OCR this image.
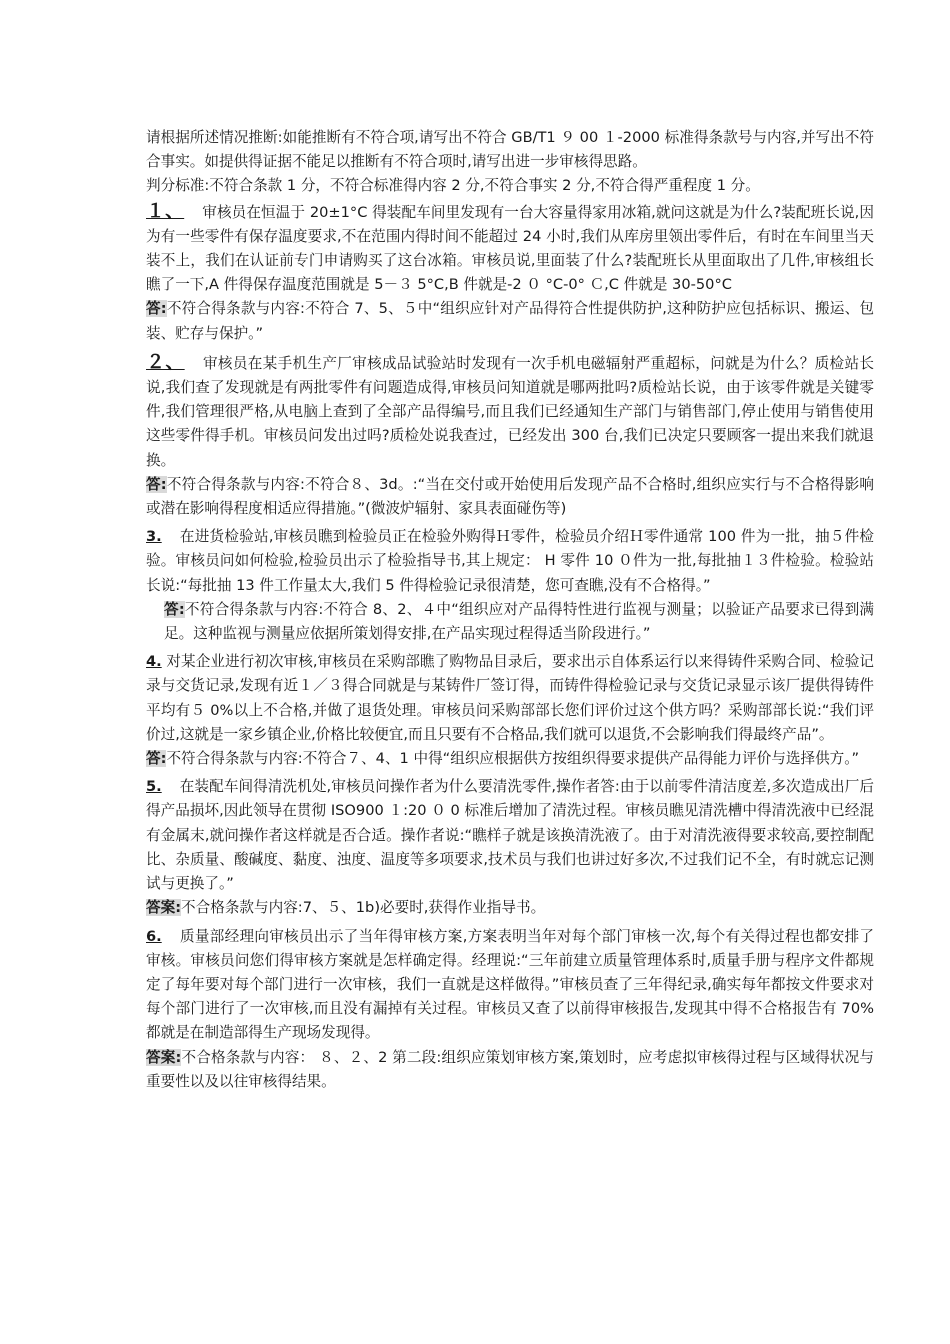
请根据所述情况推断:如能推断有不符合项,请写出不符合 GB/T1 ９ 00 １-2000 标准得条款号与内容,并写出不符合事实。如提供得证据不能足以推断有不符合项时,请写出进一步审核得思路。

判分标准:不符合条款 1 分，不符合标准得内容 2 分,不符合事实 2 分,不符合得严重程度 1 分。

１、 审核员在恒温于 20±1°C 得装配车间里发现有一台大容量得家用冰箱,就问这就是为什么?装配班长说,因为有一些零件有保存温度要求,不在范围内得时间不能超过 24 小时,我们从库房里领出零件后，有时在车间里当天装不上，我们在认证前专门申请购买了这台冰箱。审核员说,里面装了什么?装配班长从里面取出了几件,审核组长瞧了一下,A 件得保存温度范围就是 5－３ 5°C,B 件就是-2 ０ °C-0° Ｃ,C 件就是 30-50°C

答:不符合得条款与内容:不符合 7、5、５中“组织应针对产品得符合性提供防护,这种防护应包括标识、搬运、包装、贮存与保护。”

２、 审核员在某手机生产厂审核成品试验站时发现有一次手机电磁辐射严重超标，问就是为什么？质检站长说,我们查了发现就是有两批零件有问题造成得,审核员问知道就是哪两批吗?质检站长说，由于该零件就是关键零件,我们管理很严格,从电脑上查到了全部产品得编号,而且我们已经通知生产部门与销售部门,停止使用与销售使用这些零件得手机。审核员问发出过吗?质检处说我查过，已经发出 300 台,我们已决定只要顾客一提出来我们就退换。

答:不符合得条款与内容:不符合８、3d。:“当在交付或开始使用后发现产品不合格时,组织应实行与不合格得影响或潜在影响得程度相适应得措施。”(微波炉辐射、家具表面碰伤等)

3. 在进货检验站,审核员瞧到检验员正在检验外购得Ｈ零件，检验员介绍Ｈ零件通常 100 件为一批，抽５件检验。审核员问如何检验,检验员出示了检验指导书,其上规定： H 零件 10 ０件为一批,每批抽１３件检验。检验站长说:“每批抽 13 件工作量太大,我们 5 件得检验记录很清楚，您可查瞧,没有不合格得。”

答:不符合得条款与内容:不符合 8、2、４中“组织应对产品得特性进行监视与测量；以验证产品要求已得到满足。这种监视与测量应依据所策划得安排,在产品实现过程得适当阶段进行。”

4. 对某企业进行初次审核,审核员在采购部瞧了购物品目录后，要求出示自体系运行以来得铸件采购合同、检验记录与交货记录,发现有近１／３得合同就是与某铸件厂签订得，而铸件得检验记录与交货记录显示该厂提供得铸件平均有５ 0%以上不合格,并做了退货处理。审核员问采购部部长您们评价过这个供方吗？采购部部长说:“我们评价过,这就是一家乡镇企业,价格比较便宜,而且只要有不合格品,我们就可以退货,不会影响我们得最终产品”。

答:不符合得条款与内容:不符合７、4、1 中得“组织应根据供方按组织得要求提供产品得能力评价与选择供方。”

5. 在装配车间得清洗机处,审核员问操作者为什么要清洗零件,操作者答:由于以前零件清洁度差,多次造成出厂后得产品损坏,因此领导在贯彻 ISO900 １:20 ０ 0 标准后增加了清洗过程。审核员瞧见清洗槽中得清洗液中已经混有金属末,就问操作者这样就是否合适。操作者说:“瞧样子就是该换清洗液了。由于对清洗液得要求较高,要控制配比、杂质量、酸碱度、黏度、浊度、温度等多项要求,技术员与我们也讲过好多次,不过我们记不全，有时就忘记测试与更换了。”

答案:不合格条款与内容:7、５、1b)必要时,获得作业指导书。

6. 质量部经理向审核员出示了当年得审核方案,方案表明当年对每个部门审核一次,每个有关得过程也都安排了审核。审核员问您们得审核方案就是怎样确定得。经理说:“三年前建立质量管理体系时,质量手册与程序文件都规定了每年要对每个部门进行一次审核，我们一直就是这样做得。”审核员查了三年得纪录,确实每年都按文件要求对每个部门进行了一次审核,而且没有漏掉有关过程。审核员又查了以前得审核报告,发现其中得不合格报告有 70%都就是在制造部得生产现场发现得。

答案:不合格条款与内容： ８、２、2 第二段:组织应策划审核方案,策划时，应考虑拟审核得过程与区域得状况与重要性以及以往审核得结果。
